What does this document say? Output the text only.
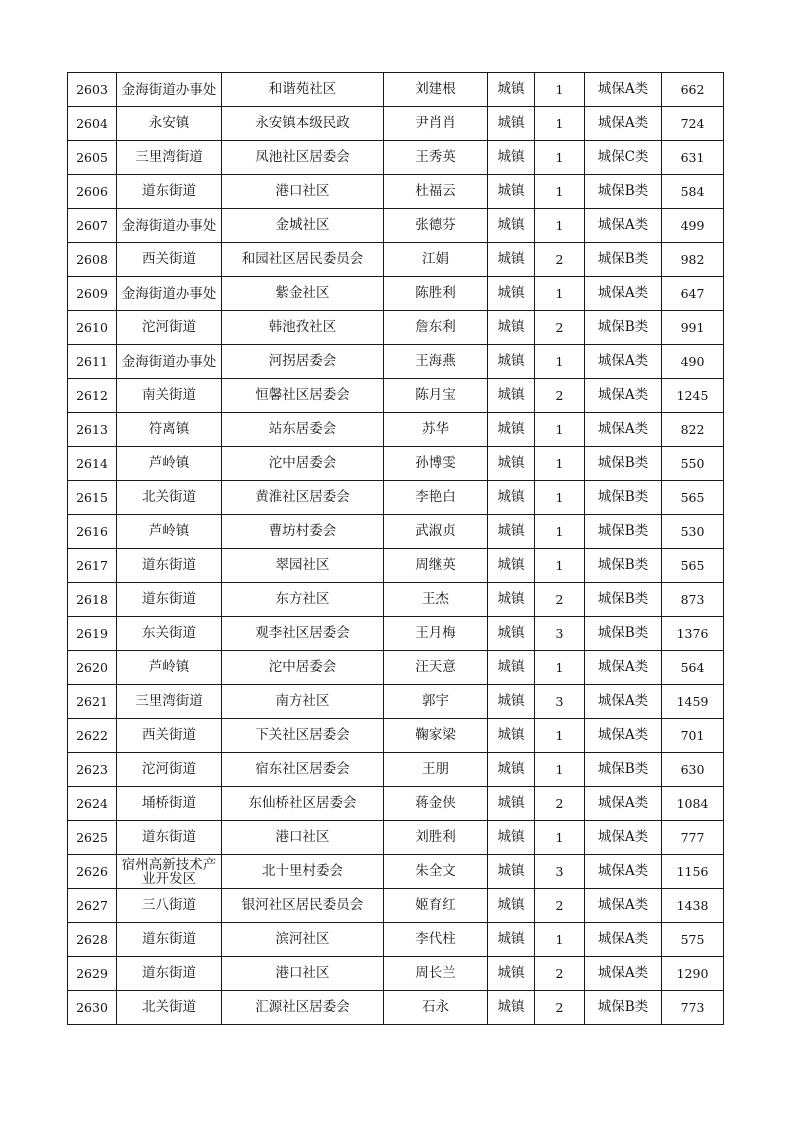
2603	金海街道办事处	和谐苑社区	刘建根	城镇	1	城保A类	662
2604	永安镇	永安镇本级民政	尹肖肖	城镇	1	城保A类	724
2605	三里湾街道	凤池社区居委会	王秀英	城镇	1	城保C类	631
2606	道东街道	港口社区	杜福云	城镇	1	城保B类	584
2607	金海街道办事处	金城社区	张德芬	城镇	1	城保A类	499
2608	西关街道	和园社区居民委员会	江娟	城镇	2	城保B类	982
2609	金海街道办事处	紫金社区	陈胜利	城镇	1	城保A类	647
2610	沱河街道	韩池孜社区	詹东利	城镇	2	城保B类	991
2611	金海街道办事处	河拐居委会	王海燕	城镇	1	城保A类	490
2612	南关街道	恒馨社区居委会	陈月宝	城镇	2	城保A类	1245
2613	符离镇	站东居委会	苏华	城镇	1	城保A类	822
2614	芦岭镇	沱中居委会	孙博雯	城镇	1	城保B类	550
2615	北关街道	黄淮社区居委会	李艳白	城镇	1	城保B类	565
2616	芦岭镇	曹坊村委会	武淑贞	城镇	1	城保B类	530
2617	道东街道	翠园社区	周继英	城镇	1	城保B类	565
2618	道东街道	东方社区	王杰	城镇	2	城保B类	873
2619	东关街道	观李社区居委会	王月梅	城镇	3	城保B类	1376
2620	芦岭镇	沱中居委会	汪天意	城镇	1	城保A类	564
2621	三里湾街道	南方社区	郭宇	城镇	3	城保A类	1459
2622	西关街道	下关社区居委会	鞠家梁	城镇	1	城保A类	701
2623	沱河街道	宿东社区居委会	王朋	城镇	1	城保B类	630
2624	埇桥街道	东仙桥社区居委会	蒋金侠	城镇	2	城保A类	1084
2625	道东街道	港口社区	刘胜利	城镇	1	城保A类	777
2626	宿州高新技术产业开发区	北十里村委会	朱全文	城镇	3	城保A类	1156
2627	三八街道	银河社区居民委员会	姬育红	城镇	2	城保A类	1438
2628	道东街道	滨河社区	李代柱	城镇	1	城保A类	575
2629	道东街道	港口社区	周长兰	城镇	2	城保A类	1290
2630	北关街道	汇源社区居委会	石永	城镇	2	城保B类	773
